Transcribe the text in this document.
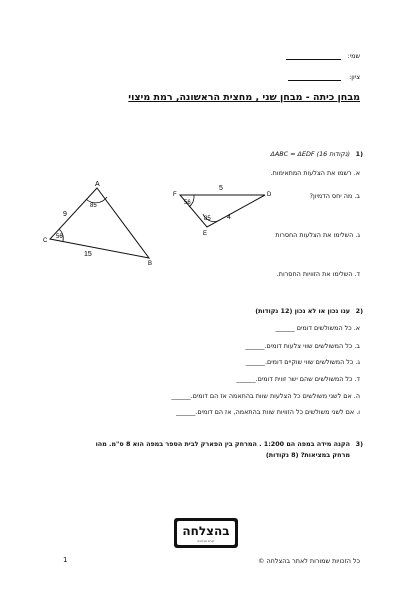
שמי:
ציון:
מבחן כיתה - מבחן שני , מחצית הראשונה, רמת מיצוי
1)
ΔABC ≈ ΔEDF (16 נקודות)
א. רשמו את הצלעות המתאימות.
ב. מה יחס הדמיון?
ג. השלימו את הצלעות החסרות
ד. השלימו את הזוויות החסרות.
A
C
B
9
15
85
56
F	D
E
5
4
56
85
2)
ענו נכון או לא נכון (12 נקודות)
א. כל המשולשים דומים ______
ב. כל המשולשים שווי צלעות דומים.______
ג. כל המשולשים שווי שוקיים דומים.______
ד. כל המשולשים שהם ישר זווית דומים.______
ה. אם לשני משולשים כל הצלעות שוות בהתאמה אז הם דומים.______
ו. אם לשני משולשים כל הזוויות שוות בהתאמה, אז הם דומים.______
3)
הקנה מידה במפה הם 1:200 . המרחק בין הפארק לבית הספר במפה הוא 8 ס"מ. מהו
מרחק במציאות? (8 נקודות)
בהצלחה
קורס מבחנים
1	כל הזכויות שמורות לאתר בהצלחה ©
